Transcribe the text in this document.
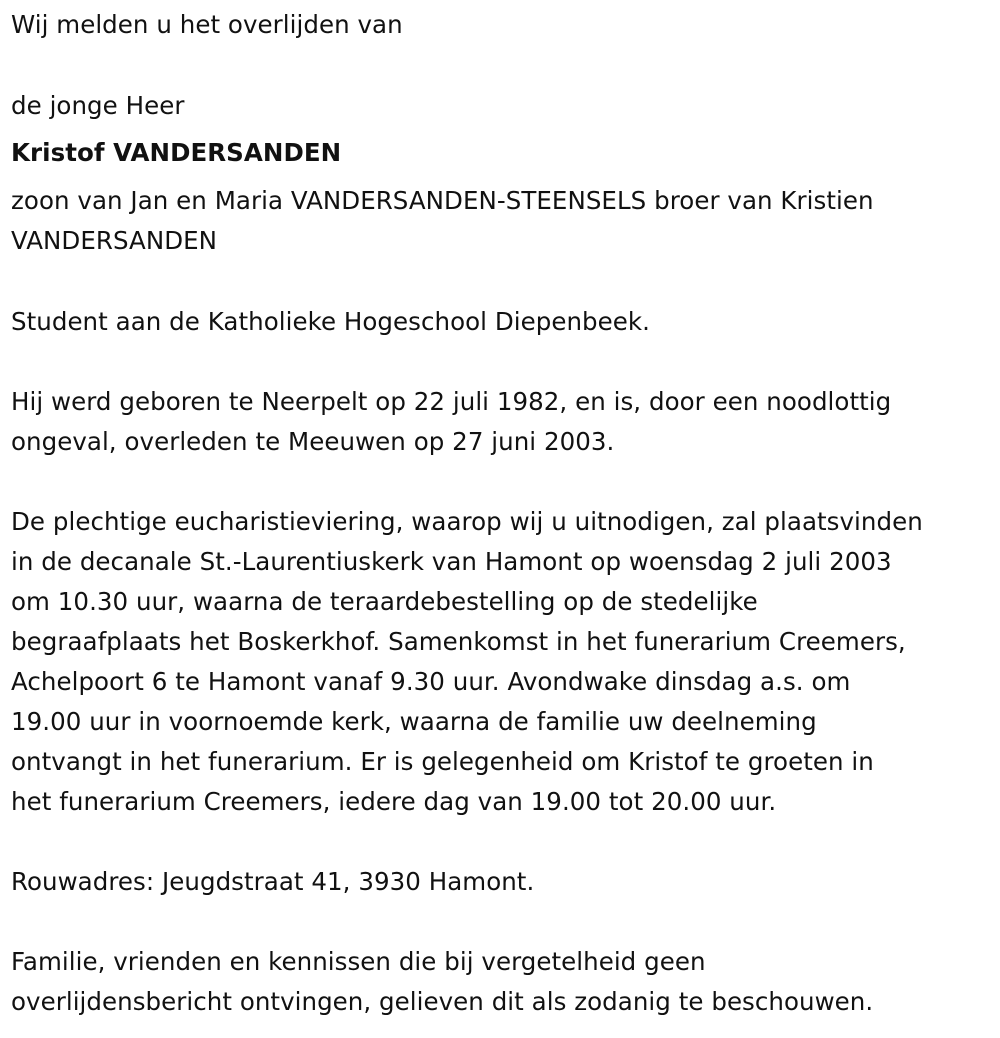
Wij melden u het overlijden van
de jonge Heer
Kristof VANDERSANDEN
zoon van Jan en Maria VANDERSANDEN-STEENSELS broer van Kristien
VANDERSANDEN
Student aan de Katholieke Hogeschool Diepenbeek.
Hij werd geboren te Neerpelt op 22 juli 1982, en is, door een noodlottig
ongeval, overleden te Meeuwen op 27 juni 2003.
De plechtige eucharistieviering, waarop wij u uitnodigen, zal plaatsvinden
in de decanale St.-Laurentiuskerk van Hamont op woensdag 2 juli 2003
om 10.30 uur, waarna de teraardebestelling op de stedelijke
begraafplaats het Boskerkhof. Samenkomst in het funerarium Creemers,
Achelpoort 6 te Hamont vanaf 9.30 uur. Avondwake dinsdag a.s. om
19.00 uur in voornoemde kerk, waarna de familie uw deelneming
ontvangt in het funerarium. Er is gelegenheid om Kristof te groeten in
het funerarium Creemers, iedere dag van 19.00 tot 20.00 uur.
Rouwadres: Jeugdstraat 41, 3930 Hamont.
Familie, vrienden en kennissen die bij vergetelheid geen
overlijdensbericht ontvingen, gelieven dit als zodanig te beschouwen.
